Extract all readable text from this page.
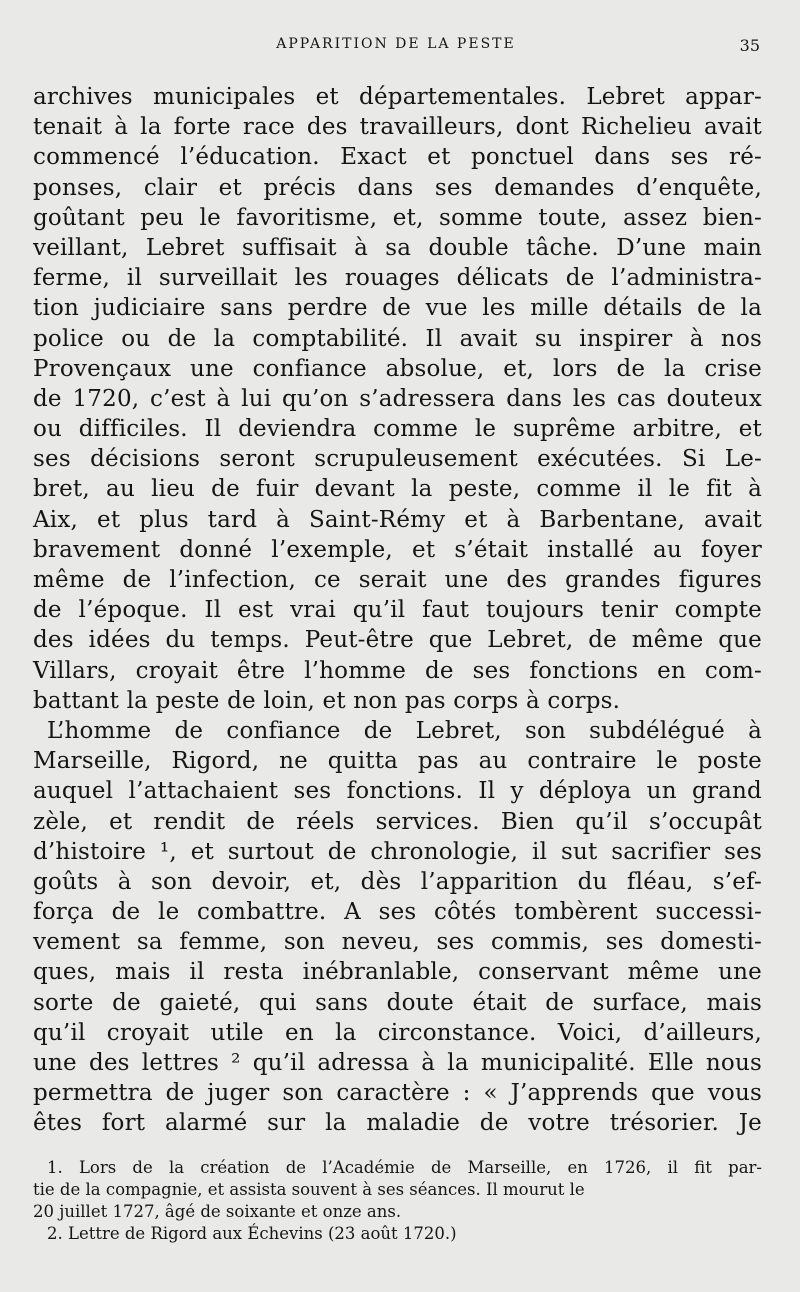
APPARITION DE LA PESTE	35
archives municipales et départementales. Lebret appar-
tenait à la forte race des travailleurs, dont Richelieu avait
commencé l’éducation. Exact et ponctuel dans ses ré-
ponses, clair et précis dans ses demandes d’enquête,
goûtant peu le favoritisme, et, somme toute, assez bien-
veillant, Lebret suffisait à sa double tâche. D’une main
ferme, il surveillait les rouages délicats de l’administra-
tion judiciaire sans perdre de vue les mille détails de la
police ou de la comptabilité. Il avait su inspirer à nos
Provençaux une confiance absolue, et, lors de la crise
de 1720, c’est à lui qu’on s’adressera dans les cas douteux
ou difficiles. Il deviendra comme le suprême arbitre, et
ses décisions seront scrupuleusement exécutées. Si Le-
bret, au lieu de fuir devant la peste, comme il le fit à
Aix, et plus tard à Saint-Rémy et à Barbentane, avait
bravement donné l’exemple, et s’était installé au foyer
même de l’infection, ce serait une des grandes figures
de l’époque. Il est vrai qu’il faut toujours tenir compte
des idées du temps. Peut-être que Lebret, de même que
Villars, croyait être l’homme de ses fonctions en com-
battant la peste de loin, et non pas corps à corps.
L’homme de confiance de Lebret, son subdélégué à
Marseille, Rigord, ne quitta pas au contraire le poste
auquel l’attachaient ses fonctions. Il y déploya un grand
zèle, et rendit de réels services. Bien qu’il s’occupât
d’histoire ¹, et surtout de chronologie, il sut sacrifier ses
goûts à son devoir, et, dès l’apparition du fléau, s’ef-
força de le combattre. A ses côtés tombèrent successi-
vement sa femme, son neveu, ses commis, ses domesti-
ques, mais il resta inébranlable, conservant même une
sorte de gaieté, qui sans doute était de surface, mais
qu’il croyait utile en la circonstance. Voici, d’ailleurs,
une des lettres ² qu’il adressa à la municipalité. Elle nous
permettra de juger son caractère : « J’apprends que vous
êtes fort alarmé sur la maladie de votre trésorier. Je
1. Lors de la création de l’Académie de Marseille, en 1726, il fit par-
tie de la compagnie, et assista souvent à ses séances. Il mourut le
20 juillet 1727, âgé de soixante et onze ans.
2. Lettre de Rigord aux Échevins (23 août 1720.)
